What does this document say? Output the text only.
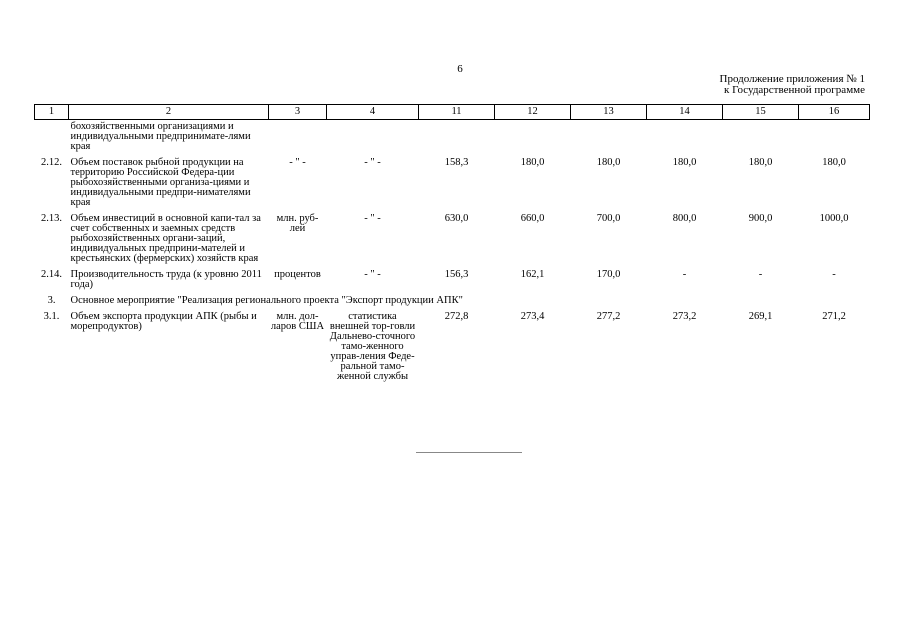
6
Продолжение приложения № 1
к Государственной программе
1	2	3	4	11	12	13	14	15	16
	бохозяйственными организациями и индивидуальными предпринимате-лями края								
2.12.	Объем поставок рыбной продукции на территорию Российской Федера-ции рыбохозяйственными организа-циями и индивидуальными предпри-нимателями края	- " -	- " -	158,3	180,0	180,0	180,0	180,0	180,0
2.13.	Объем инвестиций в основной капи-тал за счет собственных и заемных средств рыбохозяйственных органи-заций, индивидуальных предприни-мателей и крестьянских (фермерских) хозяйств края	млн. руб-лей	- " -	630,0	660,0	700,0	800,0	900,0	1000,0
2.14.	Производительность труда (к уровню 2011 года)	процентов	- " -	156,3	162,1	170,0	-	-	-
3.	Основное мероприятие "Реализация регионального проекта "Экспорт продукции АПК"								
3.1.	Объем экспорта продукции АПК (рыбы и морепродуктов)	млн. дол-ларов США	статистика внешней тор-говли Дальнево-сточного тамо-женного управ-ления Феде-ральной тамо-женной службы	272,8	273,4	277,2	273,2	269,1	271,2
